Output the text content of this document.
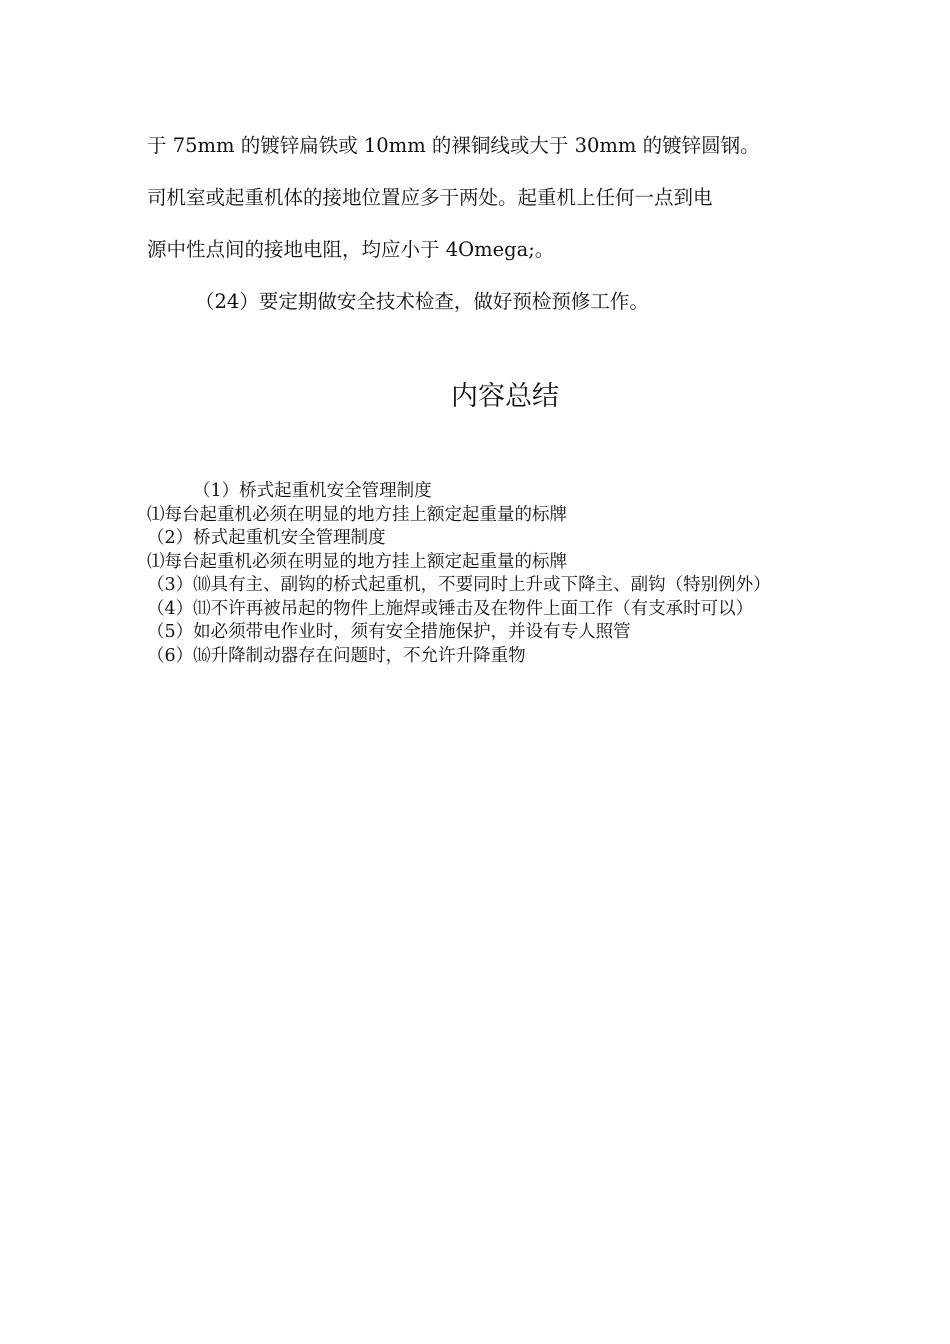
于 75mm 的镀锌扁铁或 10mm 的裸铜线或大于 30mm 的镀锌圆钢。
司机室或起重机体的接地位置应多于两处。起重机上任何一点到电
源中性点间的接地电阻，均应小于 4Omega;。
（24）要定期做安全技术检查，做好预检预修工作。
内容总结
（1）桥式起重机安全管理制度
⑴每台起重机必须在明显的地方挂上额定起重量的标牌
（2）桥式起重机安全管理制度
⑴每台起重机必须在明显的地方挂上额定起重量的标牌
（3）⑽具有主、副钩的桥式起重机，不要同时上升或下降主、副钩（特别例外）
（4）⑾不许再被吊起的物件上施焊或锤击及在物件上面工作（有支承时可以）
（5）如必须带电作业时，须有安全措施保护，并设有专人照管
（6）⒃升降制动器存在问题时，不允许升降重物
